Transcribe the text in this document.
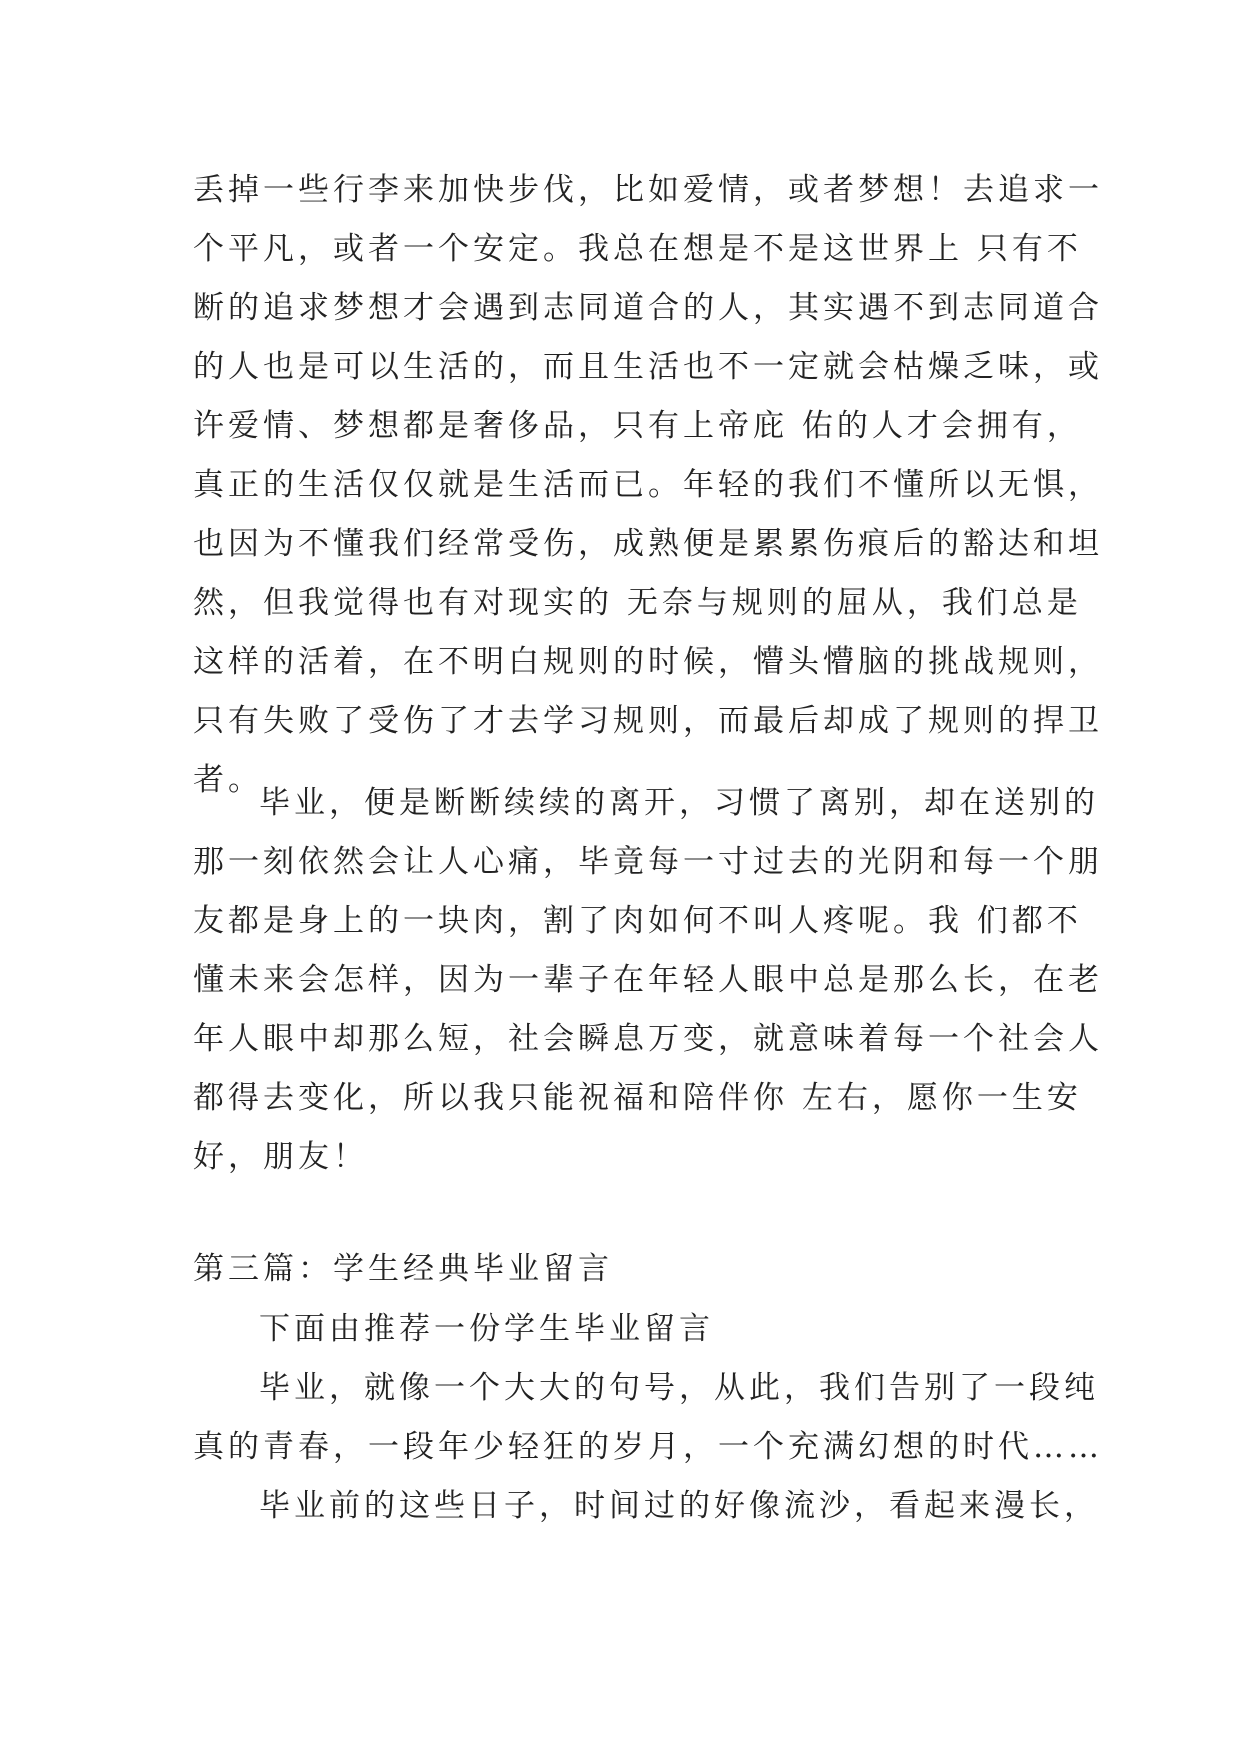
丢掉一些行李来加快步伐，比如爱情，或者梦想！去追求一
个平凡，或者一个安定。我总在想是不是这世界上 只有不
断的追求梦想才会遇到志同道合的人，其实遇不到志同道合
的人也是可以生活的，而且生活也不一定就会枯燥乏味，或
许爱情、梦想都是奢侈品，只有上帝庇 佑的人才会拥有，
真正的生活仅仅就是生活而已。年轻的我们不懂所以无惧，
也因为不懂我们经常受伤，成熟便是累累伤痕后的豁达和坦
然，但我觉得也有对现实的 无奈与规则的屈从，我们总是
这样的活着，在不明白规则的时候，懵头懵脑的挑战规则，
只有失败了受伤了才去学习规则，而最后却成了规则的捍卫
者。
毕业，便是断断续续的离开，习惯了离别，却在送别的
那一刻依然会让人心痛，毕竟每一寸过去的光阴和每一个朋
友都是身上的一块肉，割了肉如何不叫人疼呢。我 们都不
懂未来会怎样，因为一辈子在年轻人眼中总是那么长，在老
年人眼中却那么短，社会瞬息万变，就意味着每一个社会人
都得去变化，所以我只能祝福和陪伴你 左右，愿你一生安
好，朋友！
第三篇：学生经典毕业留言
下面由推荐一份学生毕业留言
毕业，就像一个大大的句号，从此，我们告别了一段纯
真的青春，一段年少轻狂的岁月，一个充满幻想的时代……
毕业前的这些日子，时间过的好像流沙，看起来漫长，
